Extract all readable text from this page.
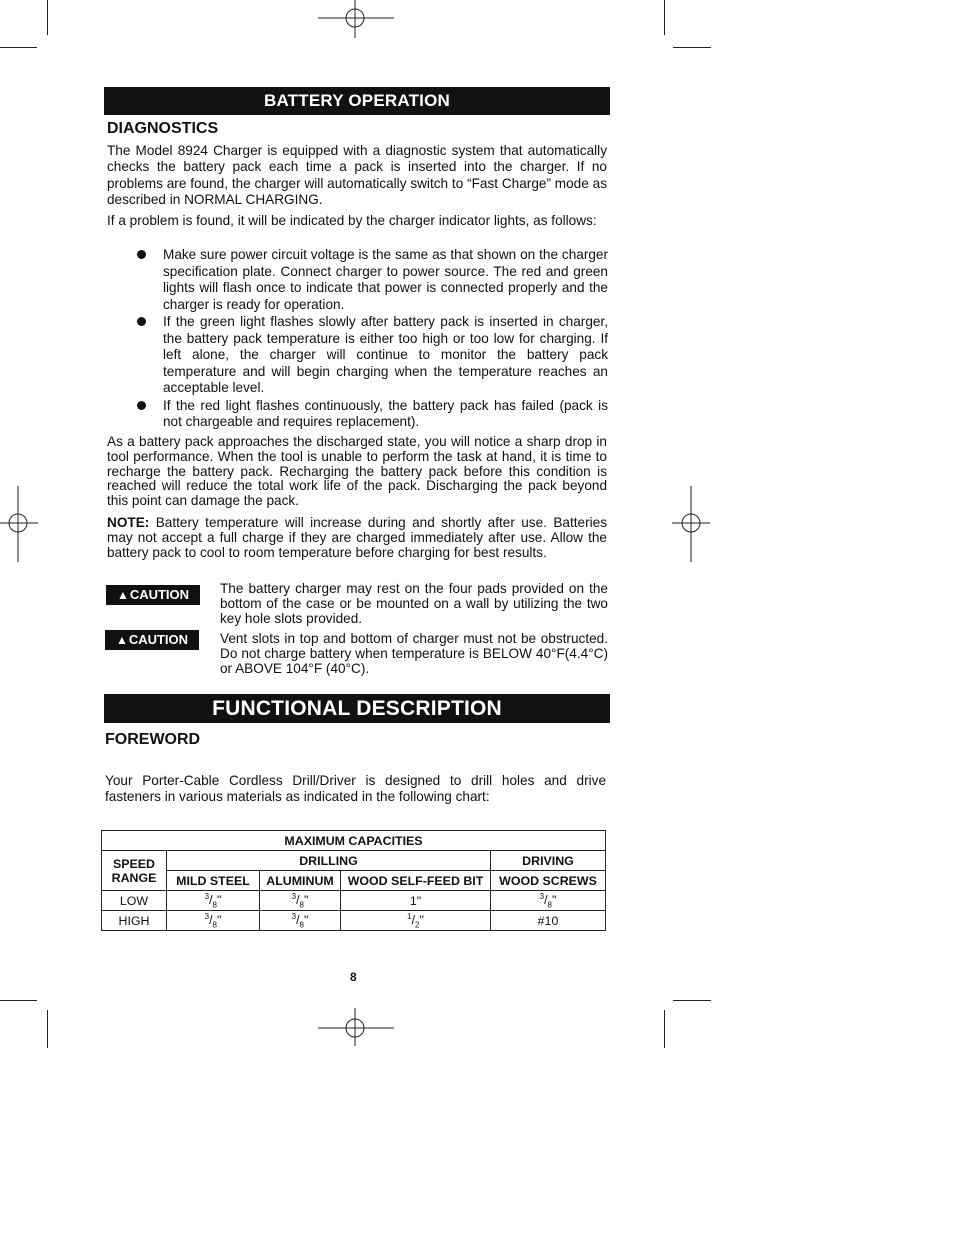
BATTERY OPERATION
DIAGNOSTICS

The Model 8924 Charger is equipped with a diagnostic system that automatically checks the battery pack each time a pack is inserted into the charger. If no problems are found, the charger will automatically switch to “Fast Charge” mode as described in NORMAL CHARGING.

If a problem is found, it will be indicated by the charger indicator lights, as follows:

Make sure power circuit voltage is the same as that shown on the charger specification plate. Connect charger to power source. The red and green lights will flash once to indicate that power is connected properly and the charger is ready for operation.
If the green light flashes slowly after battery pack is inserted in charger, the battery pack temperature is either too high or too low for charging. If left alone, the charger will continue to monitor the battery pack temperature and will begin charging when the temperature reaches an acceptable level.
If the red light flashes continuously, the battery pack has failed (pack is not chargeable and requires replacement).

As a battery pack approaches the discharged state, you will notice a sharp drop in tool performance. When the tool is unable to perform the task at hand, it is time to recharge the battery pack. Recharging the battery pack before this condition is reached will reduce the total work life of the pack. Discharging the pack beyond this point can damage the pack.

NOTE: Battery temperature will increase during and shortly after use. Batteries may not accept a full charge if they are charged immediately after use. Allow the battery pack to cool to room temperature before charging for best results.

▲CAUTION	The battery charger may rest on the four pads provided on the bottom of the case or be mounted on a wall by utilizing the two key hole slots provided.

▲CAUTION	Vent slots in top and bottom of charger must not be obstructed. Do not charge battery when temperature is BELOW 40°F(4.4°C) or ABOVE 104°F (40°C).

FUNCTIONAL DESCRIPTION
FOREWORD

Your Porter-Cable Cordless Drill/Driver is designed to drill holes and drive fasteners in various materials as indicated in the following chart:

MAXIMUM CAPACITIES				
SPEED RANGE	DRILLING			DRIVING
	MILD STEEL	ALUMINUM	WOOD SELF-FEED BIT	WOOD SCREWS
LOW	$^3/_8$"	$^3/_8$"	1"	$^3/_8$"
HIGH	$^3/_8$"	$^3/_8$"	$^1/_2$"	#10
8
